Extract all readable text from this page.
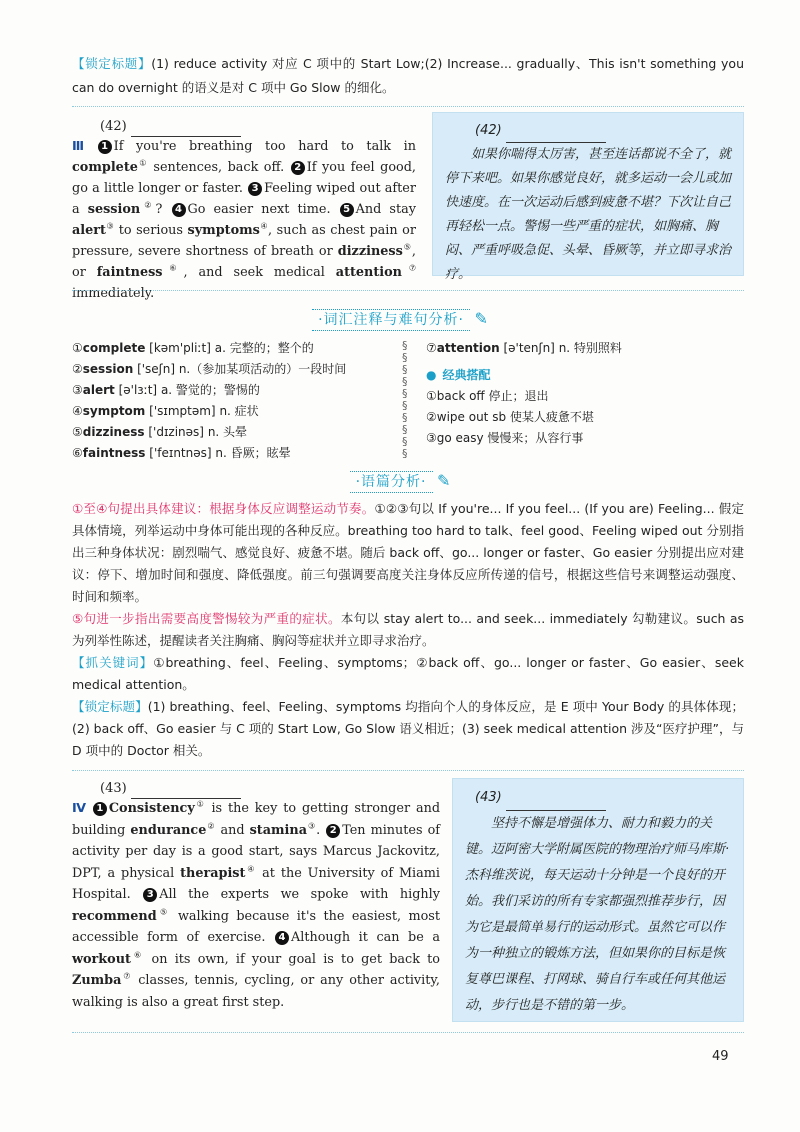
【锁定标题】(1) reduce activity 对应 C 项中的 Start Low;(2) Increase... gradually、This isn't something you can do overnight 的语义是对 C 项中 Go Slow 的细化。
(42)
Ⅲ 1 If you're breathing too hard to talk in complete① sentences, back off. 2 If you feel good, go a little longer or faster. 3 Feeling wiped out after a session②? 4 Go easier next time. 5 And stay alert③ to serious symptoms④, such as chest pain or pressure, severe shortness of breath or dizziness⑤, or faintness⑥, and seek medical attention⑦ immediately.
(42)
如果你喘得太厉害，甚至连话都说不全了，就停下来吧。如果你感觉良好，就多运动一会儿或加快速度。在一次运动后感到疲惫不堪？下次让自己再轻松一点。警惕一些严重的症状，如胸痛、胸闷、严重呼吸急促、头晕、昏厥等，并立即寻求治疗。
·词汇注释与难句分析· ✎
①complete [kəm'pliːt] a. 完整的；整个的
②session ['seʃn] n.（参加某项活动的）一段时间
③alert [ə'lɜːt] a. 警觉的；警惕的
④symptom ['sɪmptəm] n. 症状
⑤dizziness ['dɪzinəs] n. 头晕
⑥faintness ['feɪntnəs] n. 昏厥；眩晕
§
§
§
§
§
§
§
§
§
§
⑦attention [ə'tenʃn] n. 特别照料
● 经典搭配
①back off 停止；退出
②wipe out sb 使某人疲惫不堪
③go easy 慢慢来；从容行事
·语篇分析· ✎
①至④句提出具体建议：根据身体反应调整运动节奏。①②③句以 If you're... If you feel... (If you are) Feeling... 假定具体情境，列举运动中身体可能出现的各种反应。breathing too hard to talk、feel good、Feeling wiped out 分别指出三种身体状况：剧烈喘气、感觉良好、疲惫不堪。随后 back off、go... longer or faster、Go easier 分别提出应对建议：停下、增加时间和强度、降低强度。前三句强调要高度关注身体反应所传递的信号，根据这些信号来调整运动强度、时间和频率。
⑤句进一步指出需要高度警惕较为严重的症状。本句以 stay alert to... and seek... immediately 勾勒建议。such as 为列举性陈述，提醒读者关注胸痛、胸闷等症状并立即寻求治疗。
【抓关键词】①breathing、feel、Feeling、symptoms；②back off、go... longer or faster、Go easier、seek medical attention。
【锁定标题】(1) breathing、feel、Feeling、symptoms 均指向个人的身体反应，是 E 项中 Your Body 的具体体现；(2) back off、Go easier 与 C 项的 Start Low, Go Slow 语义相近；(3) seek medical attention 涉及“医疗护理”，与 D 项中的 Doctor 相关。
(43)
Ⅳ 1 Consistency① is the key to getting stronger and building endurance② and stamina③. 2 Ten minutes of activity per day is a good start, says Marcus Jackovitz, DPT, a physical therapist④ at the University of Miami Hospital. 3 All the experts we spoke with highly recommend⑤ walking because it's the easiest, most accessible form of exercise. 4 Although it can be a workout⑥ on its own, if your goal is to get back to Zumba⑦ classes, tennis, cycling, or any other activity, walking is also a great first step.
(43)
坚持不懈是增强体力、耐力和毅力的关键。迈阿密大学附属医院的物理治疗师马库斯·杰科维茨说，每天运动十分钟是一个良好的开始。我们采访的所有专家都强烈推荐步行，因为它是最简单易行的运动形式。虽然它可以作为一种独立的锻炼方法，但如果你的目标是恢复尊巴课程、打网球、骑自行车或任何其他运动，步行也是不错的第一步。
49
